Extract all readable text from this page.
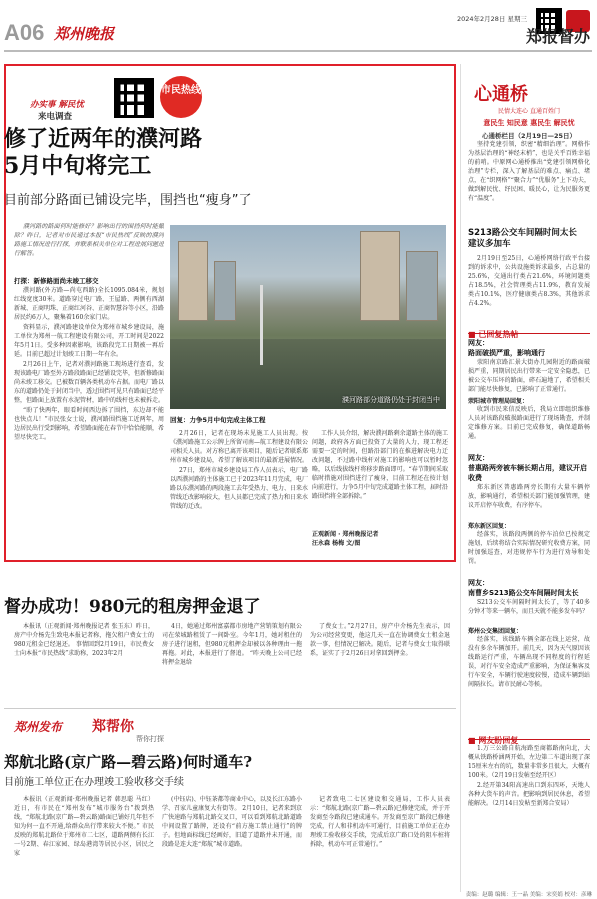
A06 郑州晚报
2024年2月28日 星期三
郑报督办
办实事 解民忧
来电调查
市民热线
修了近两年的濮河路
5月中旬将完工
目前部分路面已铺设完毕，围挡也“瘦身”了

濮河路的路面何时能修好？影响出行的围挡何时能撤除？昨日，记者对市民通过本报“市民热线”反映的濮河路施工情况进行打探，并联系相关单位对工程进展问题进行解答。

打探：新修路面尚未竣工移交

濮河路(外方路—尚屯西路)全长1095.084米，规划红线宽度30米。道路穿过电厂路、王屋路、两侧有西湖新城、正商明珠、正商红河谷、正商智慧谷等小区，沿路居民约6万人，聚集着160余家门店。

资料显示，濮河路建设单位为郑州市城乡建设局，施工单位为郑州一航工程建设有限公司，开工时间是2022年5月1日。受多种因素影响，该路段完工日期被一再后延。目前已超过计划竣工日期一年有余。

2月26日上午，记者对濮河路施工现场进行查看，发现该路电厂路至外方路段路面已经铺设完毕，但新修路面尚未竣工移交。已被数百辆各类机动车占据。而电厂路以东的道路仍处于封闭当中，透过围挡可见只有路面已经平整，但路面上放置有水泥管材，路中的线杆也未被拆走。

“盼了快两年，眼看时间西边拆了围挡，东边却不能也快点儿！”市民张女士说，濮河路围挡施工近两年，周边居民出行受到影响，希望路面能在春节中恰恰能顺，希望尽快完工。

濮河路部分道路仍处于封闭当中
回复：力争5月中旬完成主体工程

2月26日，记者在现场未见施工人员出现。按《濮河路施工公示牌上所留司南—航工程建设有限公司相关人员。对方称已离开该项目，随后记者联系郑州市城乡建设局，希望了解该项目的最新进展情况。

27日，郑州市城乡建设局工作人员表示，电厂路以西濮河路的主体施工已于2023年11月完成，电厂路以东濮河路的两段施工去年受热力、电力、日来水管线迁改影响较大，但人员都已完成了热力和日来水管线的迁改。

工作人员介绍，解决濮河路剩余道路主体的施工问题，政府各方面已投资了大量的人力，现工程还需要一定的时间，但路沿部门的在推进解决电力迁改问题，不过路中线杆对施工的影响也可以暂时忽略，以后线拔线杆将移步路面即可。“春节期间采取临时措施对围挡进行了瘦身，目前工程还在按计划向前进行，力争5月中旬完成道路主体工程，届时沿路围挡将全部拆除。”

正观新闻 · 郑州晚报记者
汪永森 杨梅 文/图
督办成功！980元的租房押金退了

本报讯（正观新闻·郑州晚报记者 张玉东）昨日，房产中介杨先生致电本报记者称，拖欠租户费女士的980元租金已经退还。 事情回到2月19日，市民费女士向本报“市民热线”求助称，2023年2月

4日，她通过郑州富嘉都市房地产营销策划有限公司在荥城路租赁了一间卧室。今年1月，她对租住的房子进行退租，但980元租押金却被以各种理由一拖再拖。对此，本报进行了督追。 “昨天晚上公司已经将押金退给

了费女士。”2月27日，房产中介杨先生表示，因为公司经营变更，他这几天一直在协调费女士租金退款一事，但情况已解决。随后，记者与费女士取得联系，证实了于2月26日对拿回到押金。

郑州发布 郑帮你
帮你打探
郑航北路(京广路—碧云路)何时通车?
目前施工单位正在办理竣工验收移交手续

本报讯（正观新闻·郑州晚报记者 韩思聪 马红）近日，有市民在“郑州发布”城市服务台”拨到热线，“郑航北路(京广路—碧云路)路面已铺好几年但不知为何一直不开通,给群众出行带来较大不便。” 市民反映的郑航北路位于郑州市二七区，道路两侧有长江一号2期、春江家园、绿岛港湾等居民小区，居民之家

(中钰店)、中钰茶都等商业中心，以及长江东路小学、召家儿童康复大有街等。 2月10日，记者来到京广快速路与郑航北路交叉口，可以看到郑航北路道路中间设置了路牌，还设有“前方施工禁止通行”的牌子。但地面标线已经画好，旧道了道路并未开通，而段路是连大连“郑航”城市道路。

记者致电二七区建设和交通局，工作人员表示：“郑航北路(京广路—碧云路)已修建完成，并于开发商至今路段已建成通车。开发商至京广路段已修建完成，行人和非机动车可通行，目前施工单位正在办理竣工验收移交手续，完成后京广路口处的阻车桩将拆除，机动车可正常通行。”

心通桥
民情大连心 直通百姓门
意民生 知民意 惠民生 解民忧
心通桥栏目（2月19日—25日）

坚持党建引领，织密“精细治理”。网格作为基层治理的“神经末梢”，也是关乎百姓幸福的前哨。中原网心通桥推出“党建引领网格化治理”专栏，深入了解基层的难点、痛点、堵点，在“织网格”“聚合力”“优服务”上下功夫，做到解民忧、纾民困、暖民心，让为民服务更有“温度”。

S213路公交车间隔时间太长
建议多加车

2月19日至25日，心通桥网络行政平台接到的诉求中，公共设施类诉求最多，占总量的25.6%，交通出行类占21.6%，环境问题类占18.5%，社会管理类占11.9%，教育发展类占10.1%，医疗健康类占8.3%，其他诉求占4.2%。

■ 已回复热帖
网友：
路面破损严重，影响通行

荥阳南京路汇景大街办几园附近的路面破损严重，同期居民出行带来一定安全隐患，已被公交车压坏的路面，碎石遍地了，希望相关部门能尽快修复，已影响了正常通行。

荥阳城市管理局回复：

收到市民来信反映后，我局立即组织维修人员对该路段破损路面进行了现场勘查，并制定维修方案。目前已完成修复，确保道路畅通。

网友：
普惠路两旁被车辆长期占用，建议开启收费

郑东新区普惠路两旁长期有大量车辆停放，影响通行，希望相关部门能加强管理，建议开启停车收费，有序停车。

郑东新区回复：

经落实，该路段两侧的停车泊位已按规定施划，后续将结合实际情况研究收费方案，同时加强巡查，对违规停车行为进行劝导和处罚。

网友：
南曹乡S213路公交车间隔时间太长

S213公交车间隔时间太长了，等了40多分钟才等来一辆车，而且天就不能多发车吗？

郑州公交集团回复：

经落实，该线路车辆全部在线上运营，故没有多余车辆加开。前几天，因为天气原因该线路运行严重，车辆出现不同程度的行程延误，对行车安全造成严重影响，为保证集客及行车安全，车辆行驶速度较慢，造成车辆到站间隔拉长。请市民耐心等候。

■ 网友盼回复

1.万三公路自航海路至商都路南向北，大概从铁路桥涵两开始，左边第二车道出现了深15厘米左右的坑，数量非常多且很大，大概有100米。（2月19日发帖至经开区）

2.经开第34阳高速出口到东四环，天地人各种大货车的声音。把影响到居民休息，希望能解决。（2月14日发帖至新郑合安局）

责编：赵璐 编辑：王一晶 美编：宋奕娟 校对：彦琳
